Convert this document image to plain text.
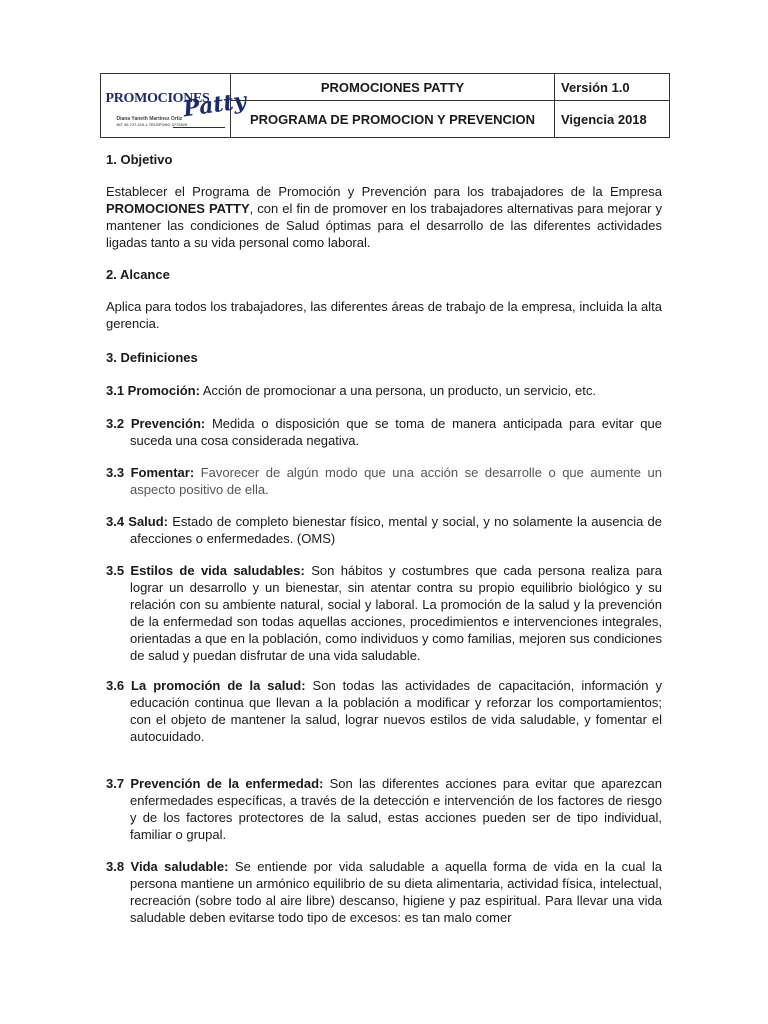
PROMOCIONES
Patty
Diana Yaneth Martinez Ortiz
NIT 36.727.219-1 TELEFONO 3772829	PROMOCIONES PATTY	Versión 1.0
	PROGRAMA DE PROMOCION Y PREVENCION	Vigencia 2018
1. Objetivo
Establecer el Programa de Promoción y Prevención para los trabajadores de la Empresa PROMOCIONES PATTY, con el fin de promover en los trabajadores alternativas para mejorar y mantener las condiciones de Salud óptimas para el desarrollo de las diferentes actividades ligadas tanto a su vida personal como laboral.
2. Alcance
Aplica para todos los trabajadores, las diferentes áreas de trabajo de la empresa, incluida la alta gerencia.
3. Definiciones
3.1 Promoción: Acción de promocionar a una persona, un producto, un servicio, etc.
3.2 Prevención: Medida o disposición que se toma de manera anticipada para evitar que suceda una cosa considerada negativa.
3.3 Fomentar: Favorecer de algún modo que una acción se desarrolle o que aumente un aspecto positivo de ella.
3.4 Salud: Estado de completo bienestar físico, mental y social, y no solamente la ausencia de afecciones o enfermedades. (OMS)
3.5 Estilos de vida saludables: Son hábitos y costumbres que cada persona realiza para lograr un desarrollo y un bienestar, sin atentar contra su propio equilibrio biológico y su relación con su ambiente natural, social y laboral. La promoción de la salud y la prevención de la enfermedad son todas aquellas acciones, procedimientos e intervenciones integrales, orientadas a que en la población, como individuos y como familias, mejoren sus condiciones de salud y puedan disfrutar de una vida saludable.
3.6 La promoción de la salud: Son todas las actividades de capacitación, información y educación continua que llevan a la población a modificar y reforzar los comportamientos; con el objeto de mantener la salud, lograr nuevos estilos de vida saludable, y fomentar el autocuidado.
3.7 Prevención de la enfermedad: Son las diferentes acciones para evitar que aparezcan enfermedades específicas, a través de la detección e intervención de los factores de riesgo y de los factores protectores de la salud, estas acciones pueden ser de tipo individual, familiar o grupal.
3.8 Vida saludable: Se entiende por vida saludable a aquella forma de vida en la cual la persona mantiene un armónico equilibrio de su dieta alimentaria, actividad física, intelectual, recreación (sobre todo al aire libre) descanso, higiene y paz espiritual. Para llevar una vida saludable deben evitarse todo tipo de excesos: es tan malo comer
